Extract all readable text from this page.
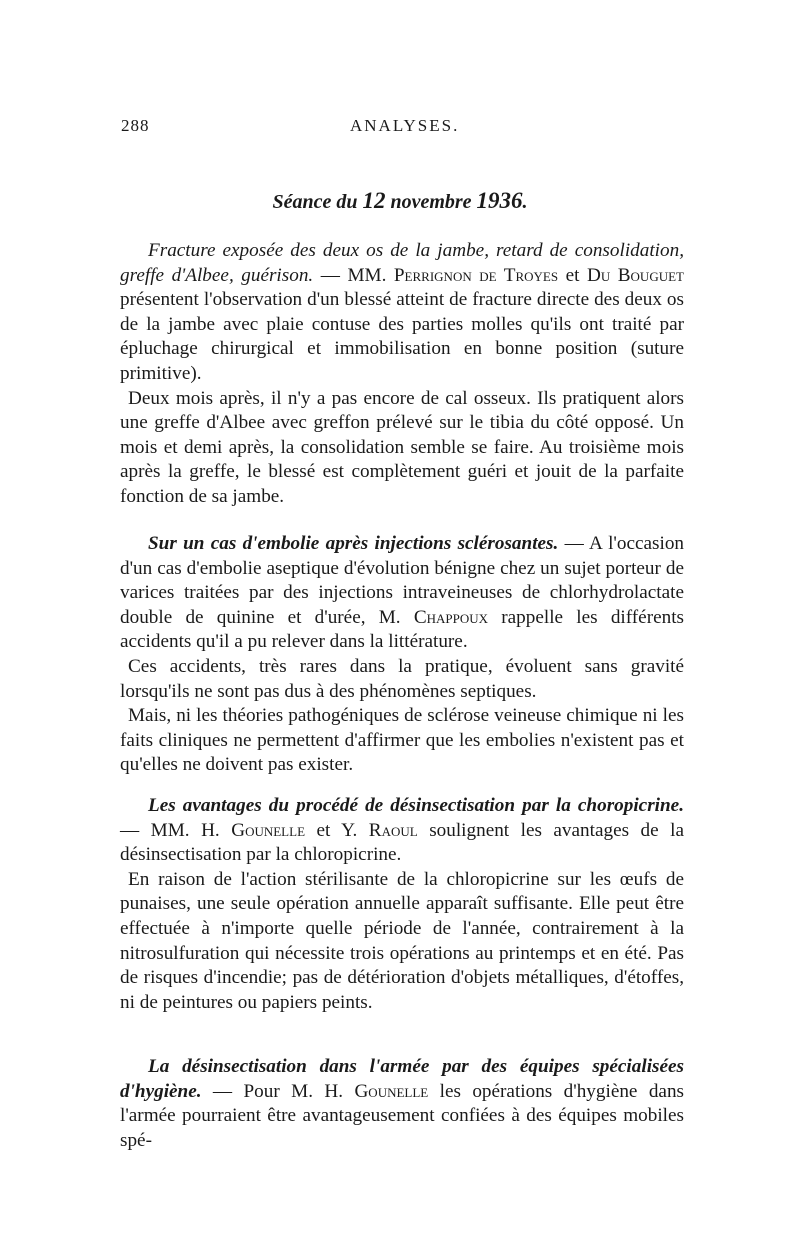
288	ANALYSES.
Séance du 12 novembre 1936.

Fracture exposée des deux os de la jambe, retard de consolidation, greffe d'Albee, guérison. — MM. Perrignon de Troyes et Du Bouguet présentent l'observation d'un blessé atteint de fracture directe des deux os de la jambe avec plaie contuse des parties molles qu'ils ont traité par épluchage chirurgical et immobilisation en bonne position (suture primitive).

Deux mois après, il n'y a pas encore de cal osseux. Ils pratiquent alors une greffe d'Albee avec greffon prélevé sur le tibia du côté opposé. Un mois et demi après, la consolidation semble se faire. Au troisième mois après la greffe, le blessé est complètement guéri et jouit de la parfaite fonction de sa jambe.

Sur un cas d'embolie après injections sclérosantes. — A l'occasion d'un cas d'embolie aseptique d'évolution bénigne chez un sujet porteur de varices traitées par des injections intraveineuses de chlorhydrolactate double de quinine et d'urée, M. Chappoux rappelle les différents accidents qu'il a pu relever dans la littérature.

Ces accidents, très rares dans la pratique, évoluent sans gravité lorsqu'ils ne sont pas dus à des phénomènes septiques.

Mais, ni les théories pathogéniques de sclérose veineuse chimique ni les faits cliniques ne permettent d'affirmer que les embolies n'existent pas et qu'elles ne doivent pas exister.

Les avantages du procédé de désinsectisation par la choropicrine. — MM. H. Gounelle et Y. Raoul soulignent les avantages de la désinsectisation par la chloropicrine.

En raison de l'action stérilisante de la chloropicrine sur les œufs de punaises, une seule opération annuelle apparaît suffisante. Elle peut être effectuée à n'importe quelle période de l'année, contrairement à la nitrosulfuration qui nécessite trois opérations au printemps et en été. Pas de risques d'incendie; pas de détérioration d'objets métalliques, d'étoffes, ni de peintures ou papiers peints.

La désinsectisation dans l'armée par des équipes spécialisées d'hygiène. — Pour M. H. Gounelle les opérations d'hygiène dans l'armée pourraient être avantageusement confiées à des équipes mobiles spé-
